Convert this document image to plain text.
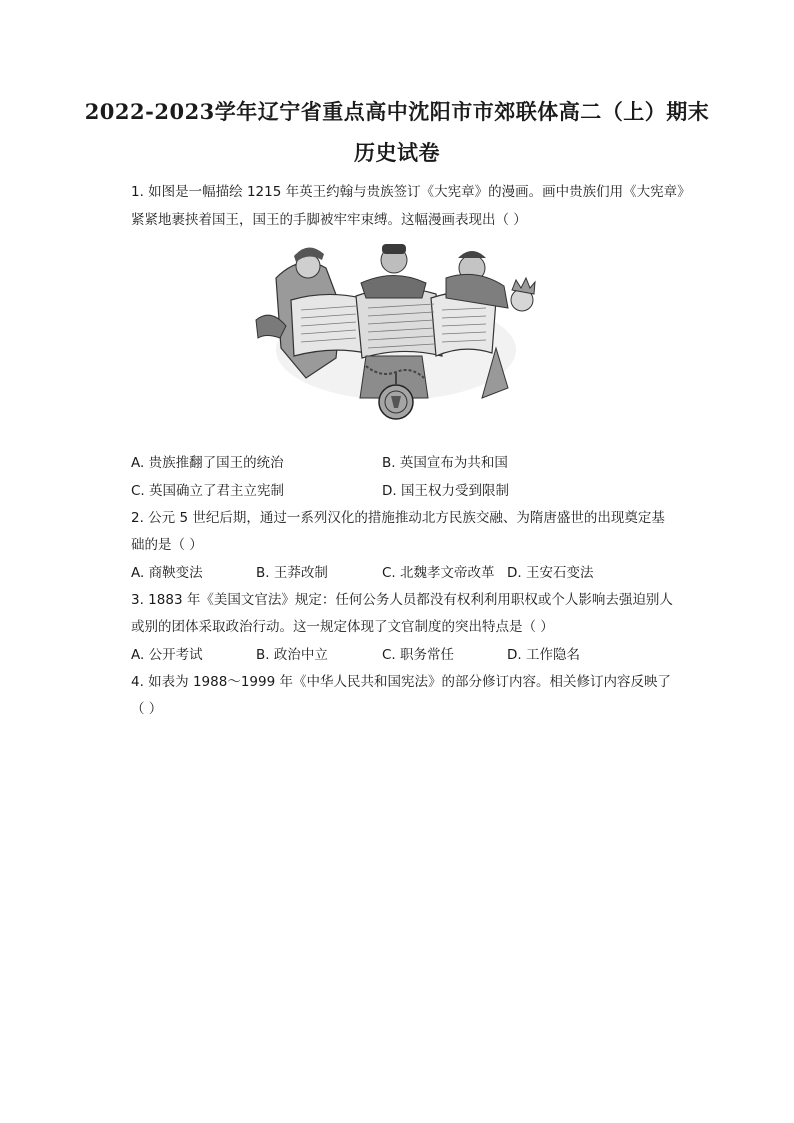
2022-2023学年辽宁省重点高中沈阳市市郊联体高二（上）期末
历史试卷
1. 如图是一幅描绘 1215 年英王约翰与贵族签订《大宪章》的漫画。画中贵族们用《大宪章》
紧紧地裹挟着国王，国王的手脚被牢牢束缚。这幅漫画表现出（ ）
A. 贵族推翻了国王的统治	B. 英国宣布为共和国
C. 英国确立了君主立宪制	D. 国王权力受到限制
2. 公元 5 世纪后期，通过一系列汉化的措施推动北方民族交融、为隋唐盛世的出现奠定基
础的是（ ）
A. 商鞅变法	B. 王莽改制	C. 北魏孝文帝改革 D. 王安石变法
3. 1883 年《美国文官法》规定：任何公务人员都没有权利利用职权或个人影响去强迫别人
或别的团体采取政治行动。这一规定体现了文官制度的突出特点是（ ）
A. 公开考试	B. 政治中立	C. 职务常任	D. 工作隐名
4. 如表为 1988～1999 年《中华人民共和国宪法》的部分修订内容。相关修订内容反映了
（ ）
